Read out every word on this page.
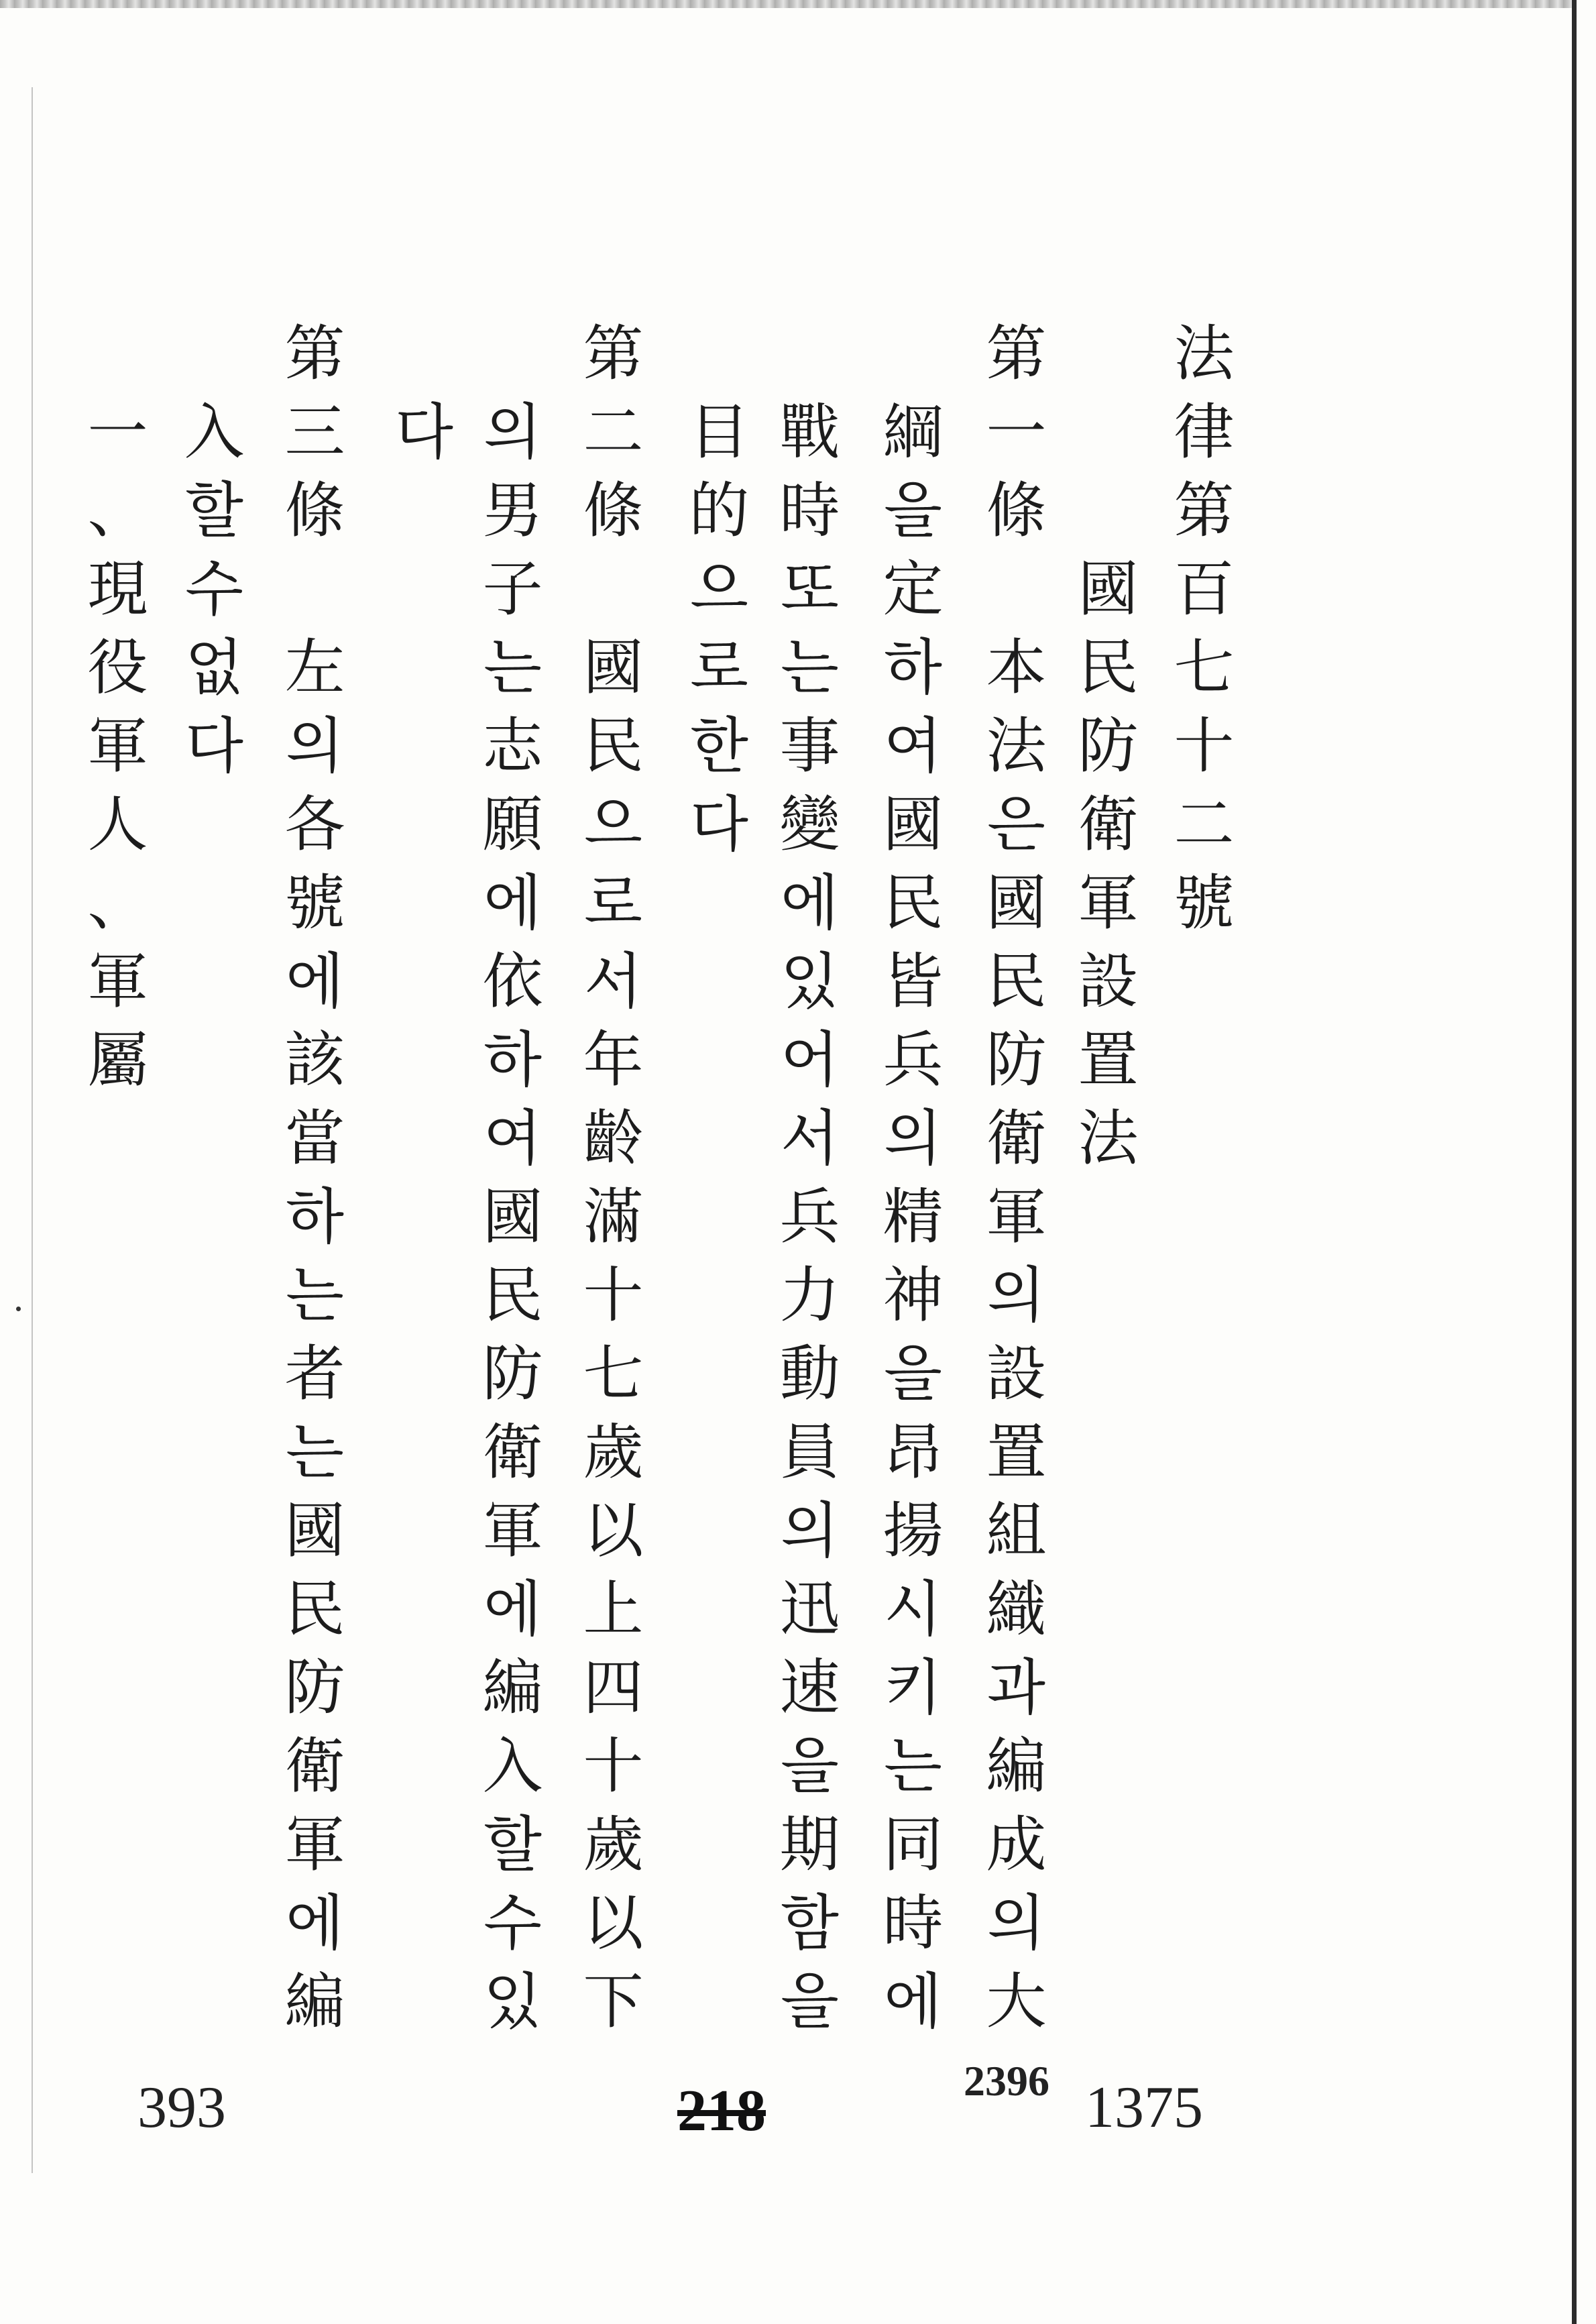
法
律
第
百
七
十
二
號
國
民
防
衛
軍
設
置
法
第
一
條
本
法
은
國
民
防
衛
軍
의
設
置
組
織
과
編
成
의
大
綱
을
定
하
여
國
民
皆
兵
의
精
神
을
昂
揚
시
키
는
同
時
에
戰
時
또
는
事
變
에
있
어
서
兵
力
動
員
의
迅
速
을
期
함
을
目
的
으
로
한
다
第
二
條
國
民
으
로
서
年
齡
滿
十
七
歲
以
上
四
十
歲
以
下
의
男
子
는
志
願
에
依
하
여
國
民
防
衛
軍
에
編
入
할
수
있
다
第
三
條
左
의
各
號
에
該
當
하
는
者
는
國
民
防
衛
軍
에
編
入
할
수
없
다
一
、
現
役
軍
人
、
軍
屬
393	218	2396 1375
